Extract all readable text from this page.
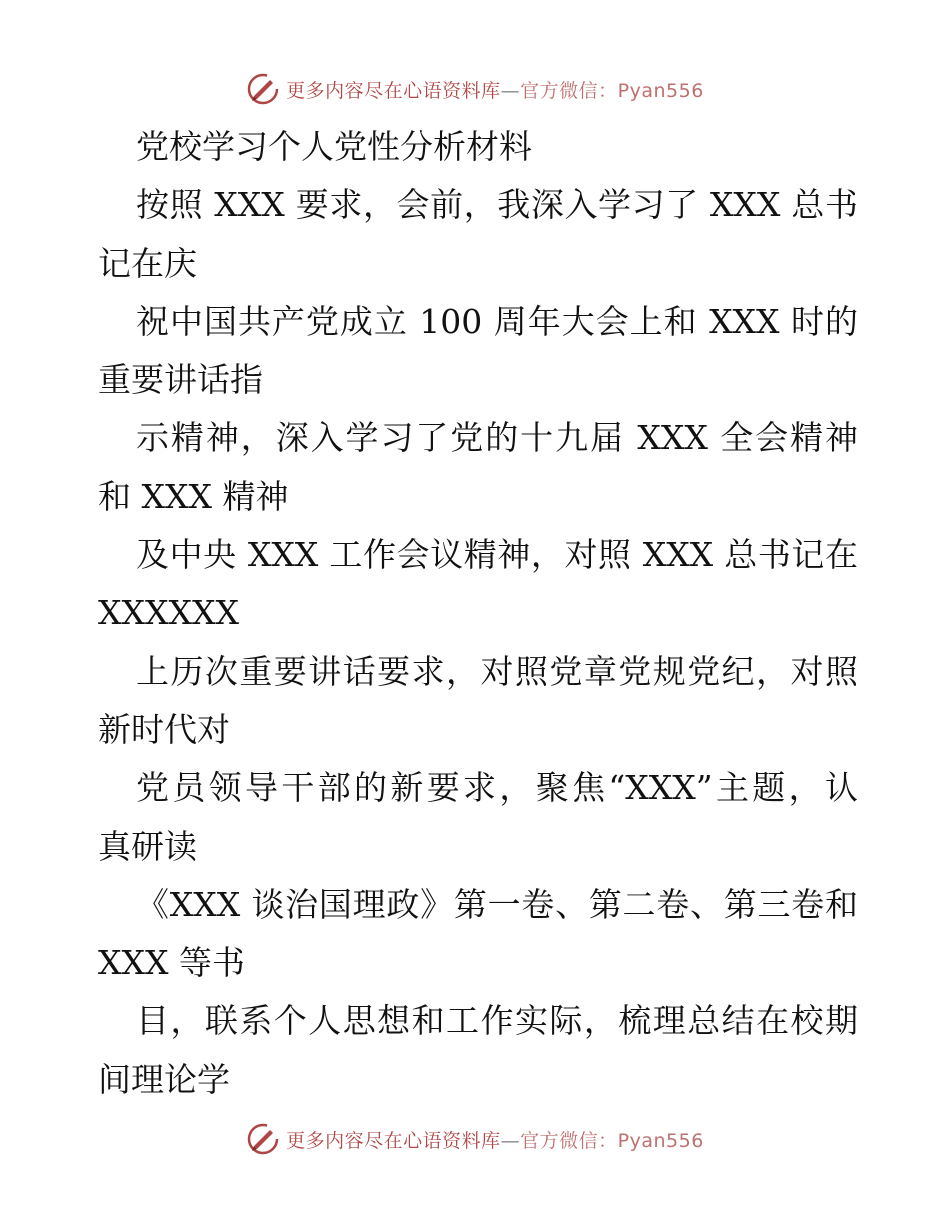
更多内容尽在心语资料库—官方微信：Pyan556
党校学习个人党性分析材料
按照 XXX 要求，会前，我深入学习了 XXX 总书
记在庆
祝中国共产党成立 100 周年大会上和 XXX 时的
重要讲话指
示精神，深入学习了党的十九届 XXX 全会精神
和 XXX 精神
及中央 XXX 工作会议精神，对照 XXX 总书记在
XXXXXX
上历次重要讲话要求，对照党章党规党纪，对照
新时代对
党员领导干部的新要求，聚焦“XXX”主题，认
真研读
《XXX 谈治国理政》第一卷、第二卷、第三卷和
XXX 等书
目，联系个人思想和工作实际，梳理总结在校期
间理论学
更多内容尽在心语资料库—官方微信：Pyan556
